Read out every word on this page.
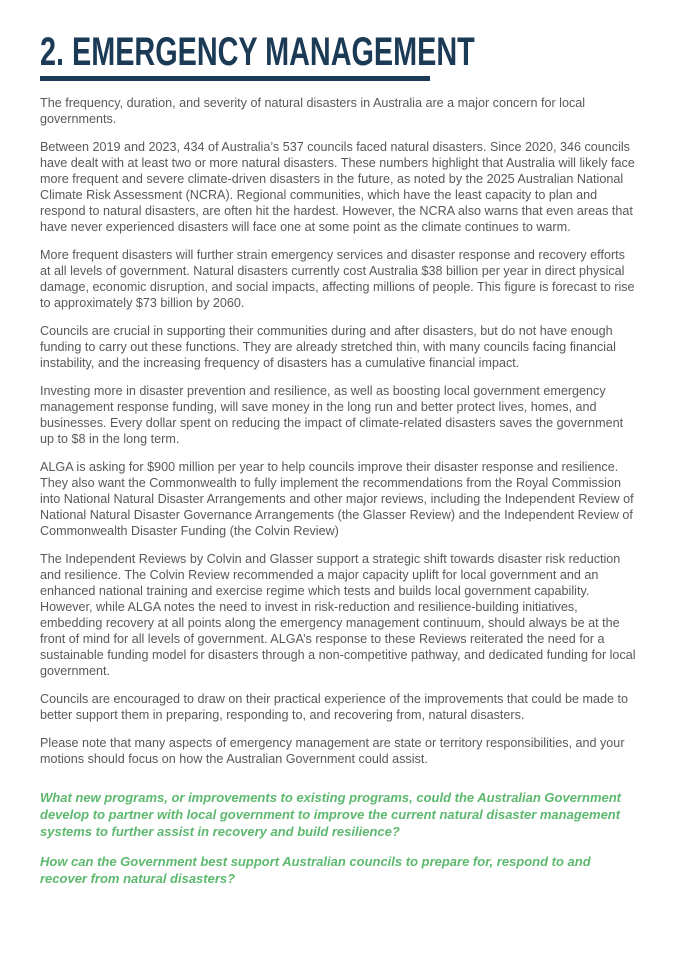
2. EMERGENCY MANAGEMENT

The frequency, duration, and severity of natural disasters in Australia are a major concern for local governments.

Between 2019 and 2023, 434 of Australia’s 537 councils faced natural disasters. Since 2020, 346 councils have dealt with at least two or more natural disasters. These numbers highlight that Australia will likely face more frequent and severe climate-driven disasters in the future, as noted by the 2025 Australian National Climate Risk Assessment (NCRA). Regional communities, which have the least capacity to plan and respond to natural disasters, are often hit the hardest. However, the NCRA also warns that even areas that have never experienced disasters will face one at some point as the climate continues to warm.

More frequent disasters will further strain emergency services and disaster response and recovery efforts at all levels of government. Natural disasters currently cost Australia $38 billion per year in direct physical damage, economic disruption, and social impacts, affecting millions of people. This figure is forecast to rise to approximately $73 billion by 2060.

Councils are crucial in supporting their communities during and after disasters, but do not have enough funding to carry out these functions. They are already stretched thin, with many councils facing financial instability, and the increasing frequency of disasters has a cumulative financial impact.

Investing more in disaster prevention and resilience, as well as boosting local government emergency management response funding, will save money in the long run and better protect lives, homes, and businesses. Every dollar spent on reducing the impact of climate-related disasters saves the government up to $8 in the long term.

ALGA is asking for $900 million per year to help councils improve their disaster response and resilience. They also want the Commonwealth to fully implement the recommendations from the Royal Commission into National Natural Disaster Arrangements and other major reviews, including the Independent Review of National Natural Disaster Governance Arrangements (the Glasser Review) and the Independent Review of Commonwealth Disaster Funding (the Colvin Review)

The Independent Reviews by Colvin and Glasser support a strategic shift towards disaster risk reduction and resilience. The Colvin Review recommended a major capacity uplift for local government and an enhanced national training and exercise regime which tests and builds local government capability. However, while ALGA notes the need to invest in risk-reduction and resilience-building initiatives, embedding recovery at all points along the emergency management continuum, should always be at the front of mind for all levels of government. ALGA’s response to these Reviews reiterated the need for a sustainable funding model for disasters through a non-competitive pathway, and dedicated funding for local government.

Councils are encouraged to draw on their practical experience of the improvements that could be made to better support them in preparing, responding to, and recovering from, natural disasters.

Please note that many aspects of emergency management are state or territory responsibilities, and your motions should focus on how the Australian Government could assist.

What new programs, or improvements to existing programs, could the Australian Government develop to partner with local government to improve the current natural disaster management systems to further assist in recovery and build resilience?

How can the Government best support Australian councils to prepare for, respond to and recover from natural disasters?
